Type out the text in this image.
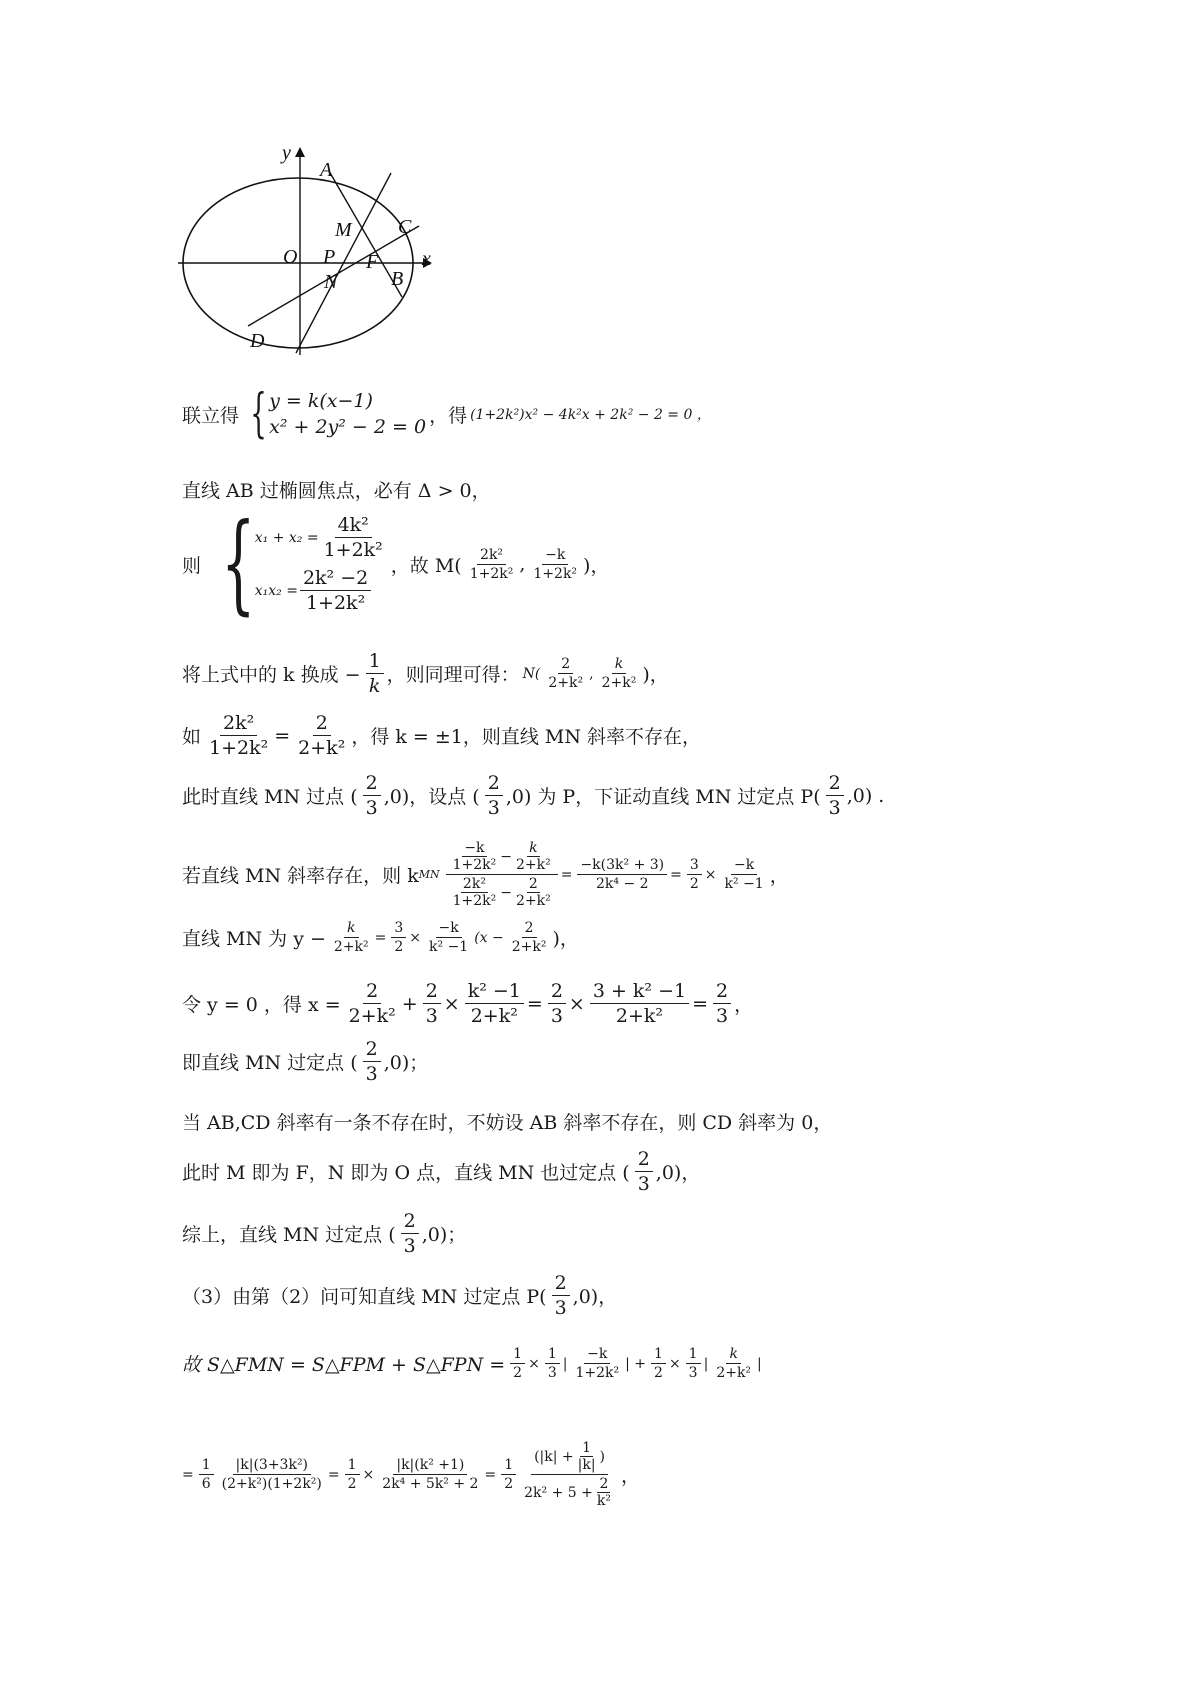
y
A
M C
O P F x
N	B
D
联立得 { y = k(x−1)
x² + 2y² − 2 = 0
，得 (1+2k²)x² − 4k²x + 2k² − 2 = 0 ，
直线 AB 过椭圆焦点，必有 Δ > 0，
则 { $x_1 + x_2 = \frac{\text{4k²}}{\text{1+2k²}}$
$x_1x_2 = \frac{\text{2k² −2}}{\text{1+2k²}}$
，故 $M( \frac{\text{2k²}}{\text{1+2k²}}$ , $\frac{-k}{\text{1+2k²}}$ )，
将上式中的 k 换成 − $\frac{1}{k}$ ，则同理可得： $N( \frac{2}{\text{2+k²}}$ , $\frac{k}{\text{2+k²}}$ )，
如 $\frac{\text{2k²}}{\text{1+2k²}} = \frac{2}{\text{2+k²}}$ ，得 k = ±1，则直线 MN 斜率不存在，
此时直线 MN 过点 ( $\frac{2}{3} ,0$)，设点 ( $\frac{2}{3} ,0$) 为 P，下证动直线 MN 过定点 $P( \frac{2}{3} ,0)$ .
若直线 MN 斜率存在，则 k MN $\frac{\frac{-k}{\text{1+2k²}} - \frac{k}{\text{2+k²}}}{\frac{\text{2k²}}{\text{1+2k²}} - \frac{2}{\text{2+k²}}} = \frac{\text{−k(3k² + 3)}}{\text{2k⁴ − 2}} = \frac{3}{2} \times \frac{-k}{\text{k² −1}}$ ，
直线 MN 为 $y - \frac{k}{\text{2+k²}} = \frac{3}{2} \times \frac{-k}{\text{k² −1}} (x - \frac{2}{\text{2+k²}}$ )，
令 y = 0 ，得 $x = \frac{2}{\text{2+k²}} + \frac{2}{3} \times \frac{\text{k² −1}}{\text{2+k²}} = \frac{2}{3} \times \frac{\text{3 + k² −1}}{\text{2+k²}} = \frac{2}{3}$ ，
即直线 MN 过定点 ( $\frac{2}{3} ,0$)；
当 AB,CD 斜率有一条不存在时，不妨设 AB 斜率不存在，则 CD 斜率为 0，
此时 M 即为 F，N 即为 O 点，直线 MN 也过定点 ( $\frac{2}{3} ,0$)，
综上，直线 MN 过定点 ( $\frac{2}{3} ,0$)；
（3）由第（2）问可知直线 MN 过定点 $P( \frac{2}{3} ,0)$，
故 S△FMN = S△FPM + S△FPN = $\frac{1}{2} \times \frac{1}{3}$ | $\frac{-k}{\text{1+2k²}}$ | + $\frac{1}{2} \times \frac{1}{3}$ | $\frac{k}{\text{2+k²}}$ |
= $\frac{1}{6} \frac{\text{|k|(3+3k²)}}{\text{(2+k²)(1+2k²)}} = \frac{1}{2} \times \frac{\text{|k|(k² +1)}}{\text{2k⁴ + 5k² + 2}} = \frac{1}{2} \frac{(|k| + \frac{1}{|k|} )}{2k^2 + 5 + \frac{2}{\text{k²}}}$ ，
